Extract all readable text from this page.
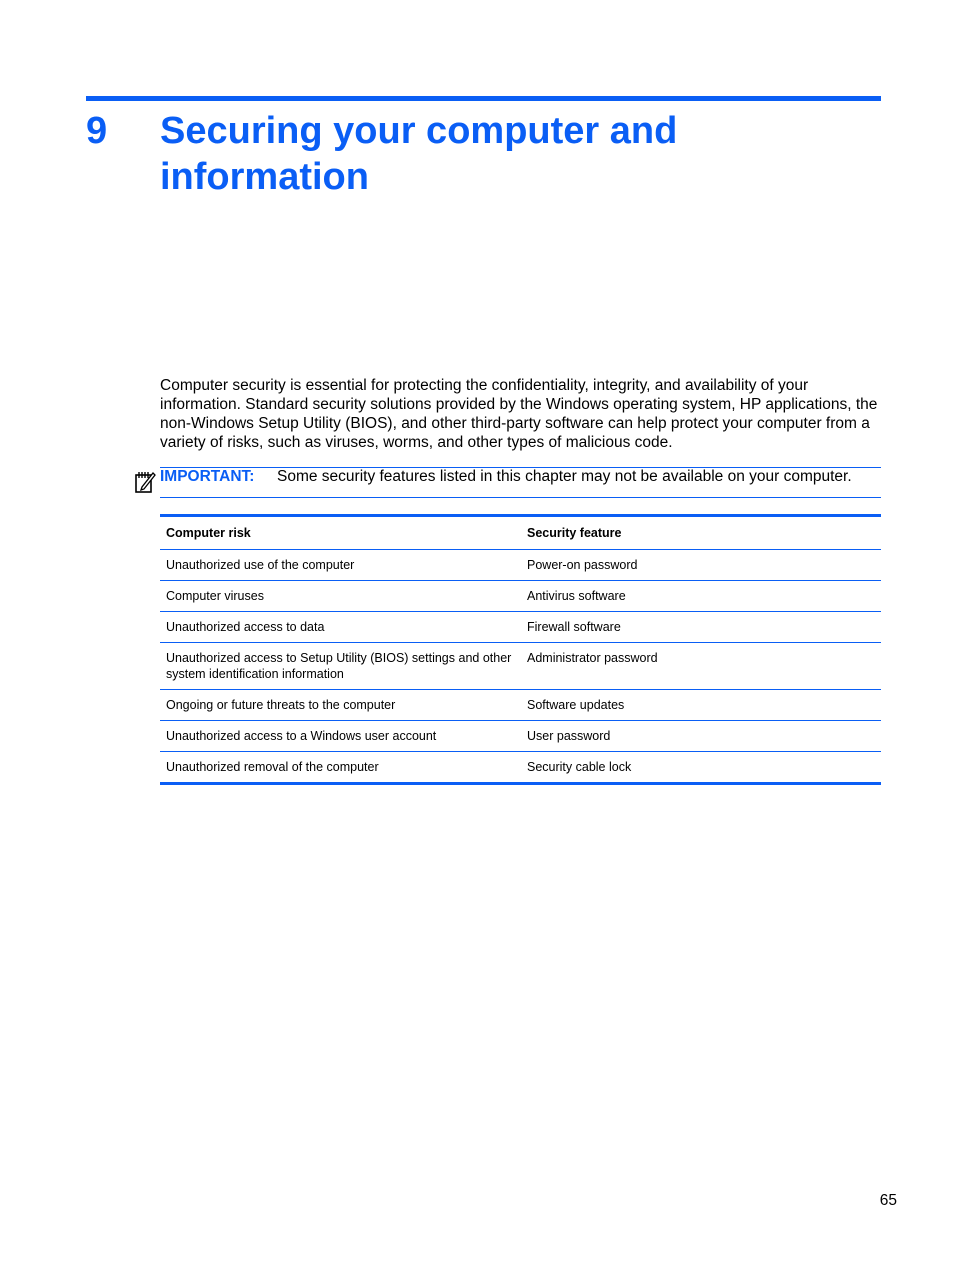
9 Securing your computer and information

Computer security is essential for protecting the confidentiality, integrity, and availability of your information. Standard security solutions provided by the Windows operating system, HP applications, the non-Windows Setup Utility (BIOS), and other third-party software can help protect your computer from a variety of risks, such as viruses, worms, and other types of malicious code.

IMPORTANT: Some security features listed in this chapter may not be available on your computer.
Computer risk	Security feature
Unauthorized use of the computer	Power-on password
Computer viruses	Antivirus software
Unauthorized access to data	Firewall software
Unauthorized access to Setup Utility (BIOS) settings and other system identification information	Administrator password
Ongoing or future threats to the computer	Software updates
Unauthorized access to a Windows user account	User password
Unauthorized removal of the computer	Security cable lock
65
